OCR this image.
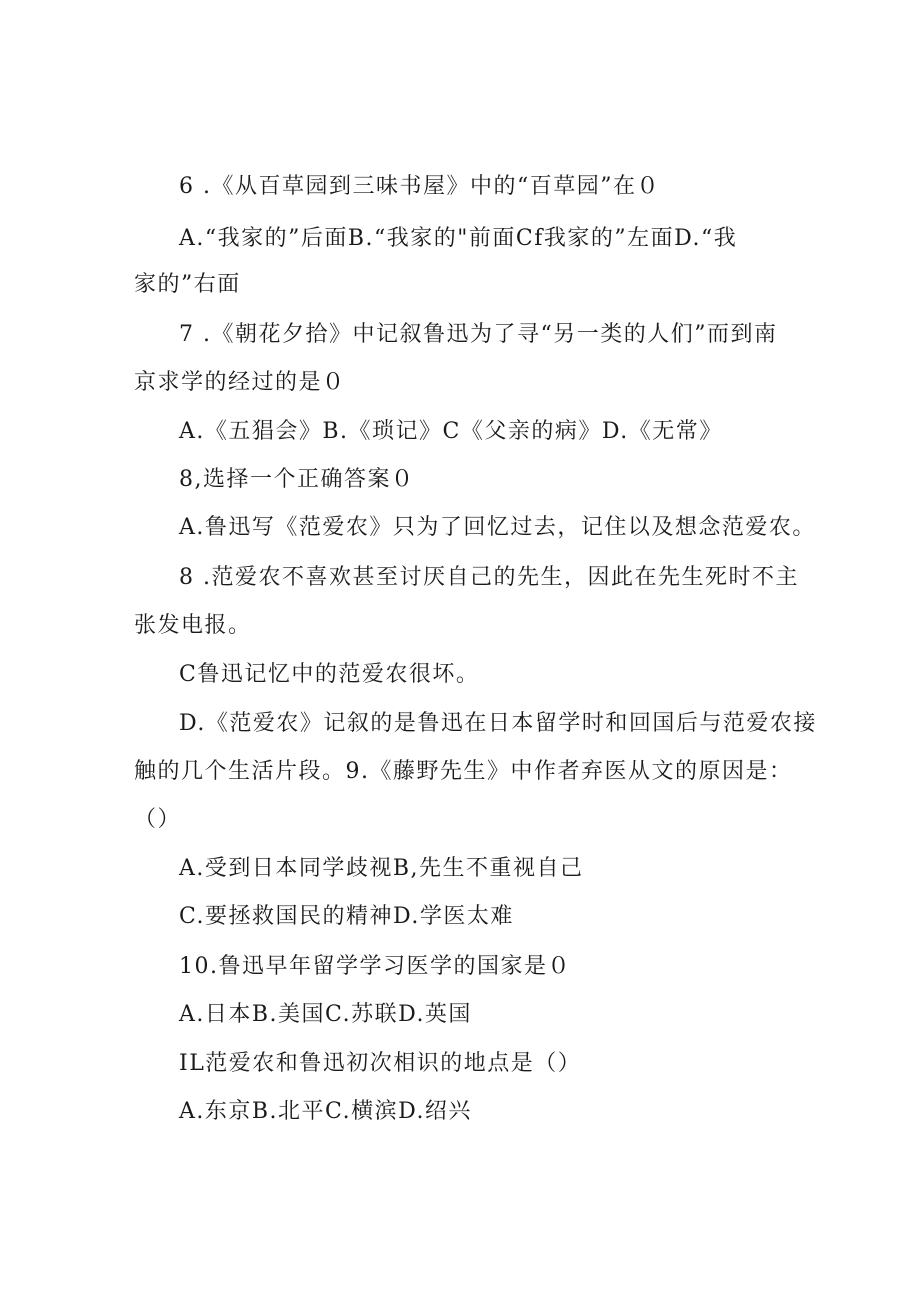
6 .《从百草园到三味书屋》中的“百草园”在０
A.“我家的”后面B.“我家的"前面Cf我家的”左面D.“我
家的”右面
7 .《朝花夕拾》中记叙鲁迅为了寻“另一类的人们”而到南
京求学的经过的是０
A.《五猖会》B.《琐记》C《父亲的病》D.《无常》
8,选择一个正确答案０
A.鲁迅写《范爱农》只为了回忆过去，记住以及想念范爱农。
8 .范爱农不喜欢甚至讨厌自己的先生，因此在先生死时不主
张发电报。
C鲁迅记忆中的范爱农很坏。
D.《范爱农》记叙的是鲁迅在日本留学时和回国后与范爱农接
触的几个生活片段。9.《藤野先生》中作者弃医从文的原因是：
（）
A.受到日本同学歧视B,先生不重视自己
C.要拯救国民的精神D.学医太难
10.鲁迅早年留学学习医学的国家是０
A.日本B.美国C.苏联D.英国
IL范爱农和鲁迅初次相识的地点是（）
A.东京B.北平C.横滨D.绍兴
